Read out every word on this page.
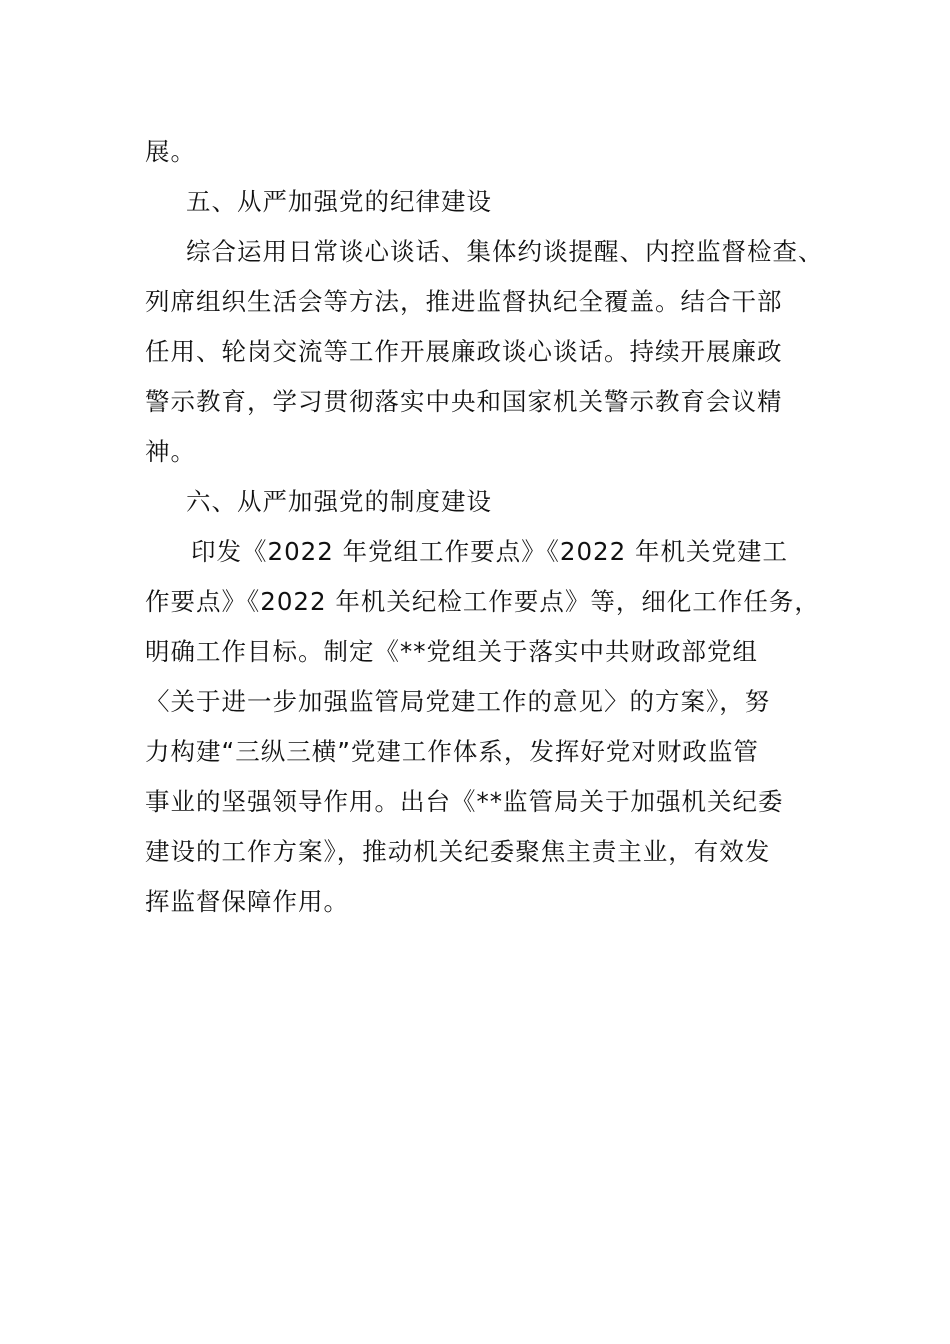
展。
五、从严加强党的纪律建设
综合运用日常谈心谈话、集体约谈提醒、内控监督检查、
列席组织生活会等方法，推进监督执纪全覆盖。结合干部
任用、轮岗交流等工作开展廉政谈心谈话。持续开展廉政
警示教育，学习贯彻落实中央和国家机关警示教育会议精
神。
六、从严加强党的制度建设
印发《2022 年党组工作要点》《2022 年机关党建工
作要点》《2022 年机关纪检工作要点》等，细化工作任务，
明确工作目标。制定《**党组关于落实中共财政部党组
〈关于进一步加强监管局党建工作的意见〉的方案》，努
力构建“三纵三横”党建工作体系，发挥好党对财政监管
事业的坚强领导作用。出台《**监管局关于加强机关纪委
建设的工作方案》，推动机关纪委聚焦主责主业，有效发
挥监督保障作用。
